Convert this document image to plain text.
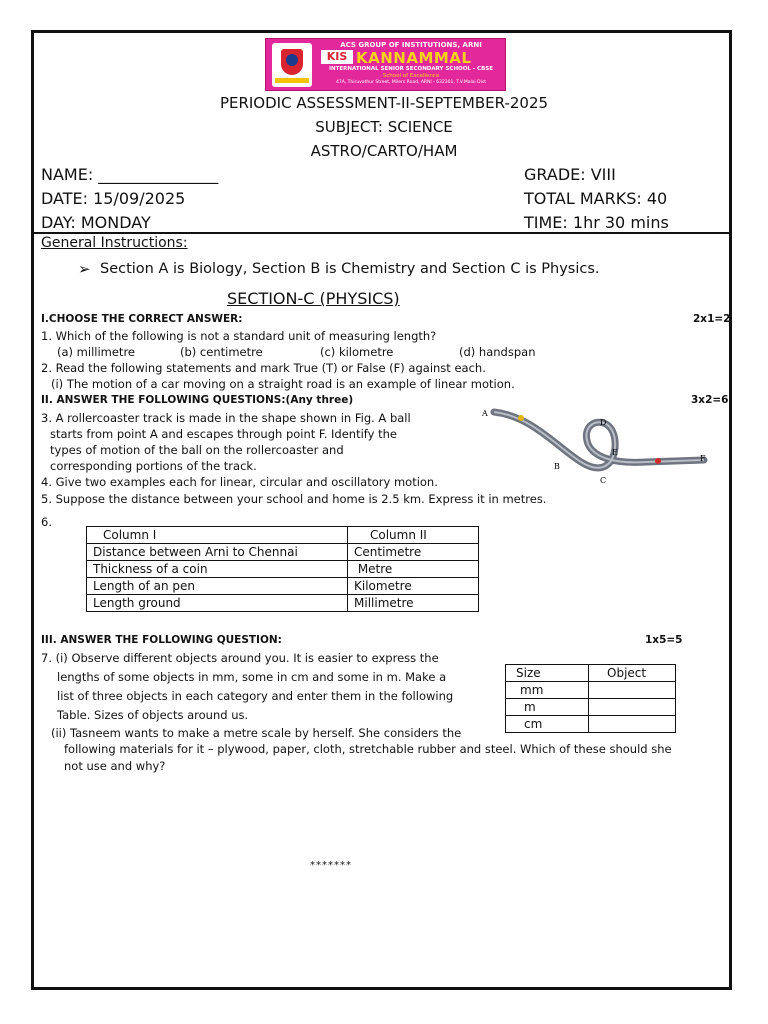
ACS GROUP OF INSTITUTIONS, ARNI
KIS KANNAMMAL
INTERNATIONAL SENIOR SECONDARY SCHOOL - CBSE
School of Excellence
47A, Thiruvathur Street, Milers Road, ARNI - 632301, T.V.Malai Dist
PERIODIC ASSESSMENT-II-SEPTEMBER-2025
SUBJECT: SCIENCE
ASTRO/CARTO/HAM
NAME: _______________	GRADE: VIII
DATE: 15/09/2025	TOTAL MARKS: 40
DAY: MONDAY	TIME: 1hr 30 mins
General Instructions:
➢ Section A is Biology, Section B is Chemistry and Section C is Physics.
SECTION-C (PHYSICS)
I.CHOOSE THE CORRECT ANSWER:	2x1=2
1. Which of the following is not a standard unit of measuring length?
(a) millimetre	(b) centimetre	(c) kilometre	(d) handspan
2. Read the following statements and mark True (T) or False (F) against each.
(i) The motion of a car moving on a straight road is an example of linear motion.
II. ANSWER THE FOLLOWING QUESTIONS:(Any three)	3x2=6
3. A rollercoaster track is made in the shape shown in Fig. A ball
starts from point A and escapes through point F. Identify the
types of motion of the ball on the rollercoaster and
corresponding portions of the track.
4. Give two examples each for linear, circular and oscillatory motion.
5. Suppose the distance between your school and home is 2.5 km. Express it in metres.
A
B
C
D
E
F
6.
Column I	Column II
Distance between Arni to Chennai	Centimetre
Thickness of a coin	Metre
Length of an pen	Kilometre
Length ground	Millimetre
III. ANSWER THE FOLLOWING QUESTION:	1x5=5
7. (i) Observe different objects around you. It is easier to express the
lengths of some objects in mm, some in cm and some in m. Make a
list of three objects in each category and enter them in the following
Table. Sizes of objects around us.
(ii) Tasneem wants to make a metre scale by herself. She considers the
following materials for it – plywood, paper, cloth, stretchable rubber and steel. Which of these should she
not use and why?
Size	Object
mm	
m	
cm	
*******
